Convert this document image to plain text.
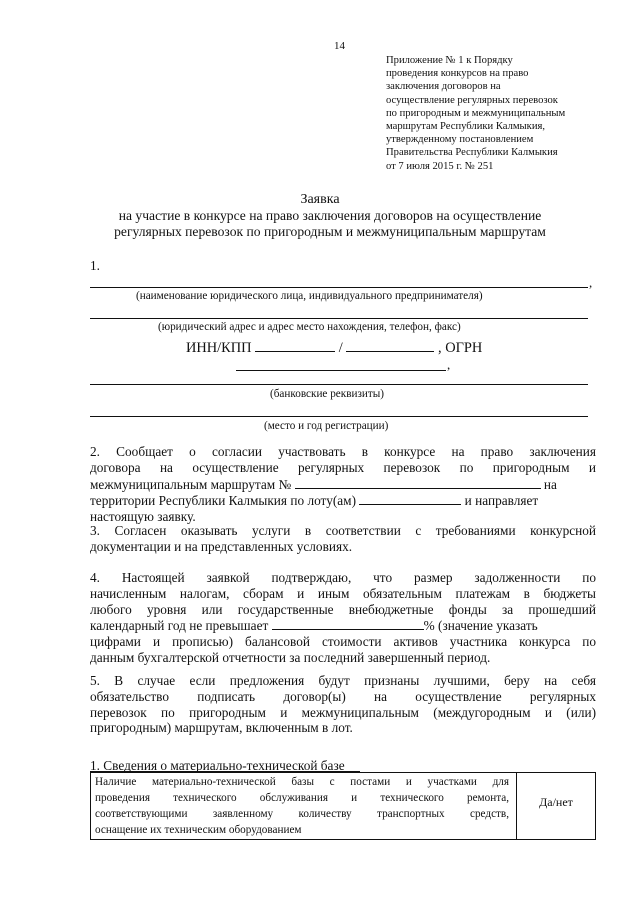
14
Приложение № 1 к Порядку
проведения конкурсов на право
заключения договоров на
осуществление регулярных перевозок
по пригородным и межмуниципальным
маршрутам Республики Калмыкия,
утвержденному постановлением
Правительства Республики Калмыкия
от 7 июля 2015 г. № 251
Заявка
на участие в конкурсе на право заключения договоров на осуществление
регулярных перевозок по пригородным и межмуниципальным маршрутам
1.
,
(наименование юридического лица, индивидуального предпринимателя)
(юридический адрес и адрес место нахождения, телефон, факс)
ИНН/КПП	/	, ОГРН
,
(банковские реквизиты)
(место и год регистрации)
2. Сообщает о согласии участвовать в конкурсе на право заключения
договора на осуществление регулярных перевозок по пригородным и
межмуниципальным маршрутам №	на
территории Республики Калмыкия по лоту(ам)	и направляет
настоящую заявку.
3. Согласен оказывать услуги в соответствии с требованиями конкурсной
документации и на представленных условиях.
4. Настоящей заявкой подтверждаю, что размер задолженности по
начисленным налогам, сборам и иным обязательным платежам в бюджеты
любого уровня или государственные внебюджетные фонды за прошедший
календарный год не превышает	% (значение указать
цифрами и прописью) балансовой стоимости активов участника конкурса по
данным бухгалтерской отчетности за последний завершенный период.
5. В случае если предложения будут признаны лучшими, беру на себя
обязательство подписать договор(ы) на осуществление регулярных
перевозок по пригородным и межмуниципальным (междугородным и (или)
пригородным) маршрутам, включенным в лот.
1. Сведения о материально-технической базе
Наличие материально-технической базы с постами и участками для
проведения технического обслуживания и технического ремонта,
соответствующими заявленному количеству транспортных средств,
оснащение их техническим оборудованием
Да/нет
